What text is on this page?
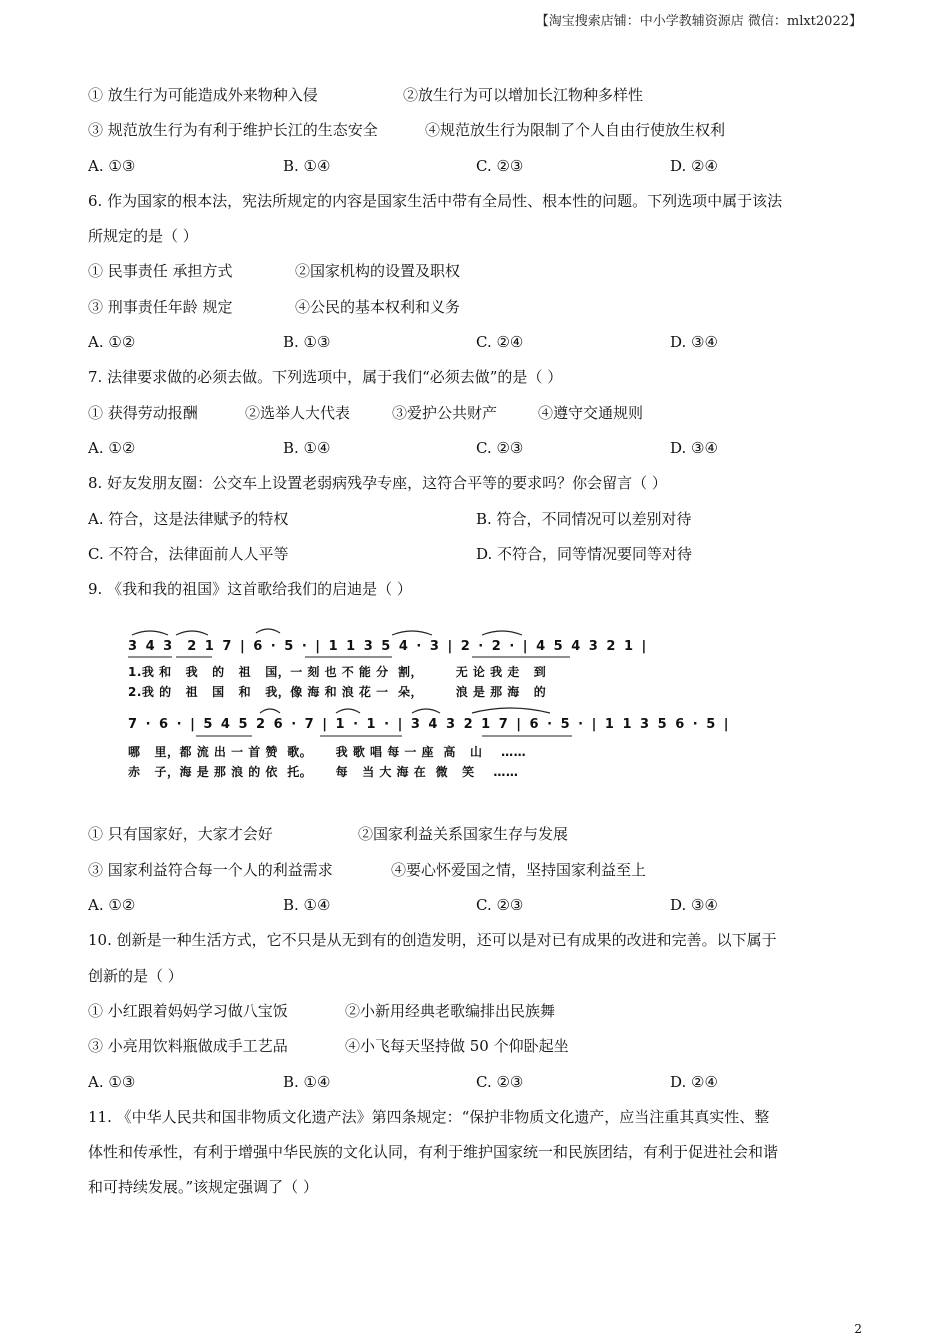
【淘宝搜索店铺：中小学教辅资源店 微信：mlxt2022】
① 放生行为可能造成外来物种入侵	②放生行为可以增加长江物种多样性
③ 规范放生行为有利于维护长江的生态安全	④规范放生行为限制了个人自由行使放生权利
A. ①③	B. ①④	C. ②③	D. ②④
6. 作为国家的根本法，宪法所规定的内容是国家生活中带有全局性、根本性的问题。下列选项中属于该法
所规定的是（ ）
① 民事责任 承担方式	②国家机构的设置及职权
③ 刑事责任年龄 规定	④公民的基本权利和义务
A. ①②	B. ①③	C. ②④	D. ③④
7. 法律要求做的必须去做。下列选项中，属于我们“必须去做”的是（ ）
① 获得劳动报酬	②选举人大代表	③爱护公共财产	④遵守交通规则
A. ①②	B. ①④	C. ②③	D. ③④
8. 好友发朋友圈：公交车上设置老弱病残孕专座，这符合平等的要求吗？你会留言（ ）
A. 符合，这是法律赋予的特权	B. 符合，不同情况可以差别对待
C. 不符合，法律面前人人平等	D. 不符合，同等情况要同等对待
9. 《我和我的祖国》这首歌给我们的启迪是（ ）
3 4 3  2 1 7 | 6 · 5 · | 1 1 3 5 4 · 3 | 2 · 2 · | 4 5 4 3 2 1 |
1.我 和   我   的   祖   国，一 刻 也 不 能 分  割，       无 论 我 走   到
2.我 的   祖   国   和   我，像 海 和 浪 花 一  朵，       浪 是 那 海   的
7 · 6 · | 5 4 5 2 6 · 7 | 1 · 1 · | 3 4 3 2 1 7 | 6 · 5 · | 1 1 3 5 6 · 5 |
哪   里，都 流 出 一 首 赞  歌。     我 歌 唱 每 一 座  高   山    ……
赤   子，海 是 那 浪 的 依  托。     每   当 大 海 在  微   笑    ……
① 只有国家好，大家才会好	②国家利益关系国家生存与发展
③ 国家利益符合每一个人的利益需求	④要心怀爱国之情，坚持国家利益至上
A. ①②	B. ①④	C. ②③	D. ③④
10. 创新是一种生活方式，它不只是从无到有的创造发明，还可以是对已有成果的改进和完善。以下属于
创新的是（ ）
① 小红跟着妈妈学习做八宝饭	②小新用经典老歌编排出民族舞
③ 小亮用饮料瓶做成手工艺品	④小飞每天坚持做 50 个仰卧起坐
A. ①③	B. ①④	C. ②③	D. ②④
11. 《中华人民共和国非物质文化遗产法》第四条规定：“保护非物质文化遗产，应当注重其真实性、整
体性和传承性，有利于增强中华民族的文化认同，有利于维护国家统一和民族团结，有利于促进社会和谐
和可持续发展。”该规定强调了（ ）
2
